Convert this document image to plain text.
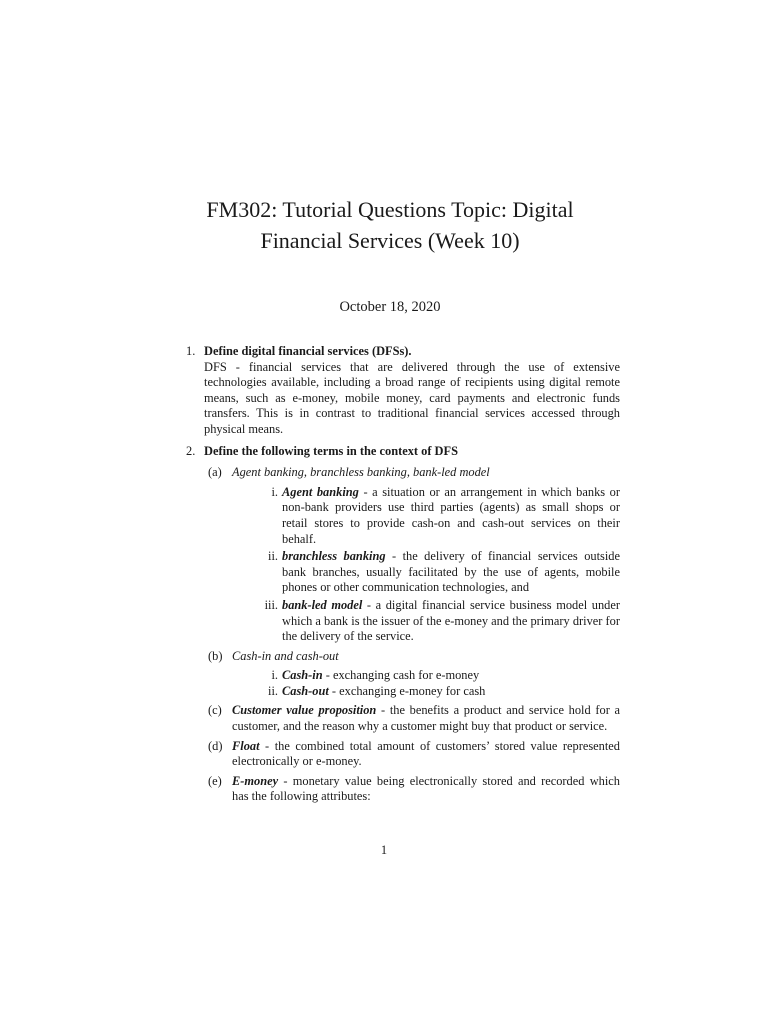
FM302: Tutorial Questions Topic: Digital
Financial Services (Week 10)
October 18, 2020
1. Define digital financial services (DFSs).
DFS - financial services that are delivered through the use of extensive technologies available, including a broad range of recipients using digital remote means, such as e-money, mobile money, card payments and electronic funds transfers. This is in contrast to traditional financial services accessed through physical means.
2. Define the following terms in the context of DFS
(a) Agent banking, branchless banking, bank-led model
i. Agent banking - a situation or an arrangement in which banks or non-bank providers use third parties (agents) as small shops or retail stores to provide cash-on and cash-out services on their behalf.
ii. branchless banking - the delivery of financial services outside bank branches, usually facilitated by the use of agents, mobile phones or other communication technologies, and
iii. bank-led model - a digital financial service business model under which a bank is the issuer of the e-money and the primary driver for the delivery of the service.
(b) Cash-in and cash-out
i. Cash-in - exchanging cash for e-money
ii. Cash-out - exchanging e-money for cash
(c) Customer value proposition - the benefits a product and service hold for a customer, and the reason why a customer might buy that product or service.
(d) Float - the combined total amount of customers’ stored value represented electronically or e-money.
(e) E-money - monetary value being electronically stored and recorded which has the following attributes:
1
